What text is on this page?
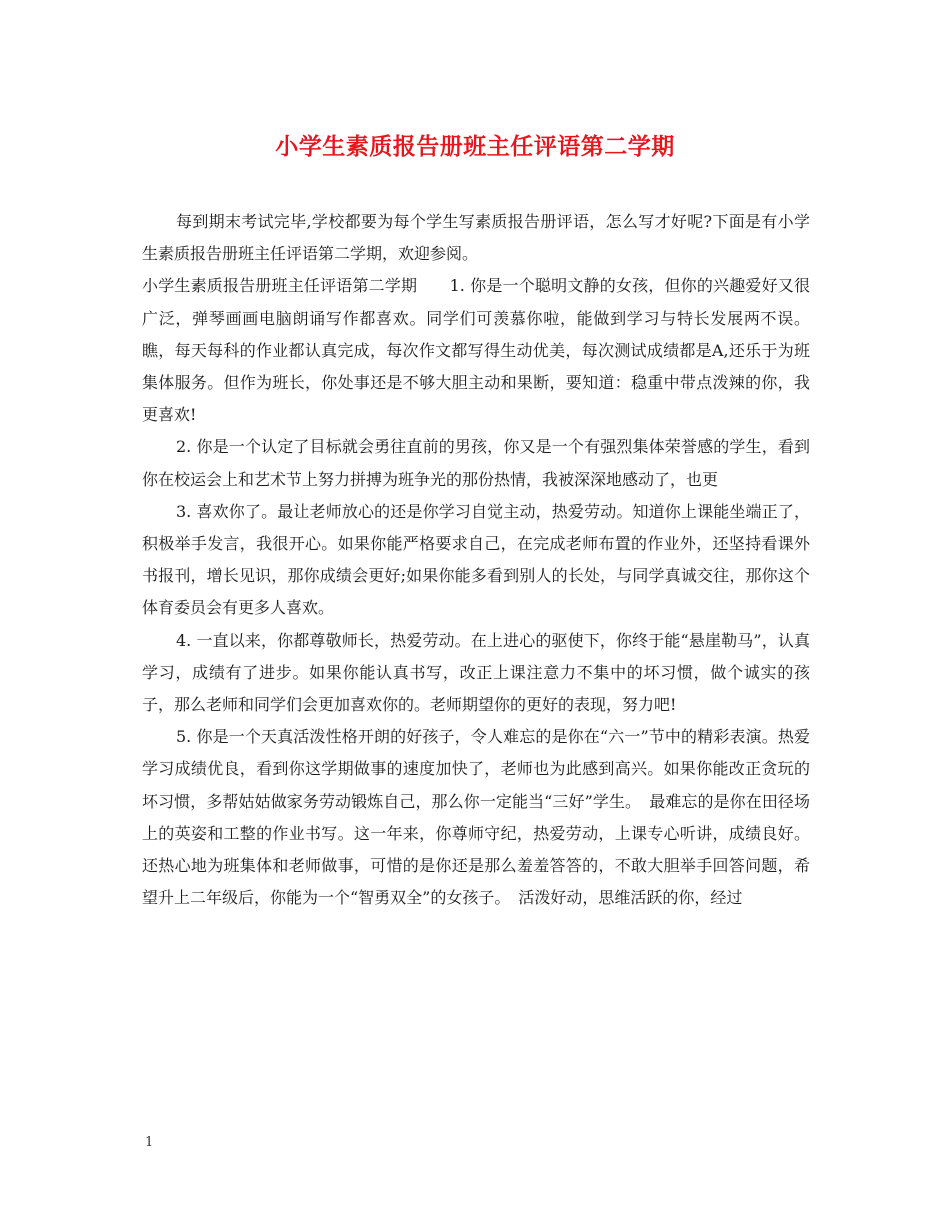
小学生素质报告册班主任评语第二学期

每到期末考试完毕,学校都要为每个学生写素质报告册评语，怎么写才好呢?下面是有小学生素质报告册班主任评语第二学期，欢迎参阅。

小学生素质报告册班主任评语第二学期　　1. 你是一个聪明文静的女孩，但你的兴趣爱好又很广泛，弹琴画画电脑朗诵写作都喜欢。同学们可羡慕你啦，能做到学习与特长发展两不误。瞧，每天每科的作业都认真完成，每次作文都写得生动优美，每次测试成绩都是A,还乐于为班集体服务。但作为班长，你处事还是不够大胆主动和果断，要知道：稳重中带点泼辣的你，我更喜欢!

2. 你是一个认定了目标就会勇往直前的男孩，你又是一个有强烈集体荣誉感的学生，看到你在校运会上和艺术节上努力拼搏为班争光的那份热情，我被深深地感动了，也更

3. 喜欢你了。最让老师放心的还是你学习自觉主动，热爱劳动。知道你上课能坐端正了，积极举手发言，我很开心。如果你能严格要求自己，在完成老师布置的作业外，还坚持看课外书报刊，增长见识，那你成绩会更好;如果你能多看到别人的长处，与同学真诚交往，那你这个体育委员会有更多人喜欢。

4. 一直以来，你都尊敬师长，热爱劳动。在上进心的驱使下，你终于能“悬崖勒马”，认真学习，成绩有了进步。如果你能认真书写，改正上课注意力不集中的坏习惯，做个诚实的孩子，那么老师和同学们会更加喜欢你的。老师期望你的更好的表现，努力吧!

5. 你是一个天真活泼性格开朗的好孩子，令人难忘的是你在“六一”节中的精彩表演。热爱学习成绩优良，看到你这学期做事的速度加快了，老师也为此感到高兴。如果你能改正贪玩的坏习惯，多帮姑姑做家务劳动锻炼自己，那么你一定能当“三好”学生。　最难忘的是你在田径场上的英姿和工整的作业书写。这一年来，你尊师守纪，热爱劳动，上课专心听讲，成绩良好。还热心地为班集体和老师做事，可惜的是你还是那么羞羞答答的，不敢大胆举手回答问题，希望升上二年级后，你能为一个“智勇双全”的女孩子。　活泼好动，思维活跃的你，经过

1
